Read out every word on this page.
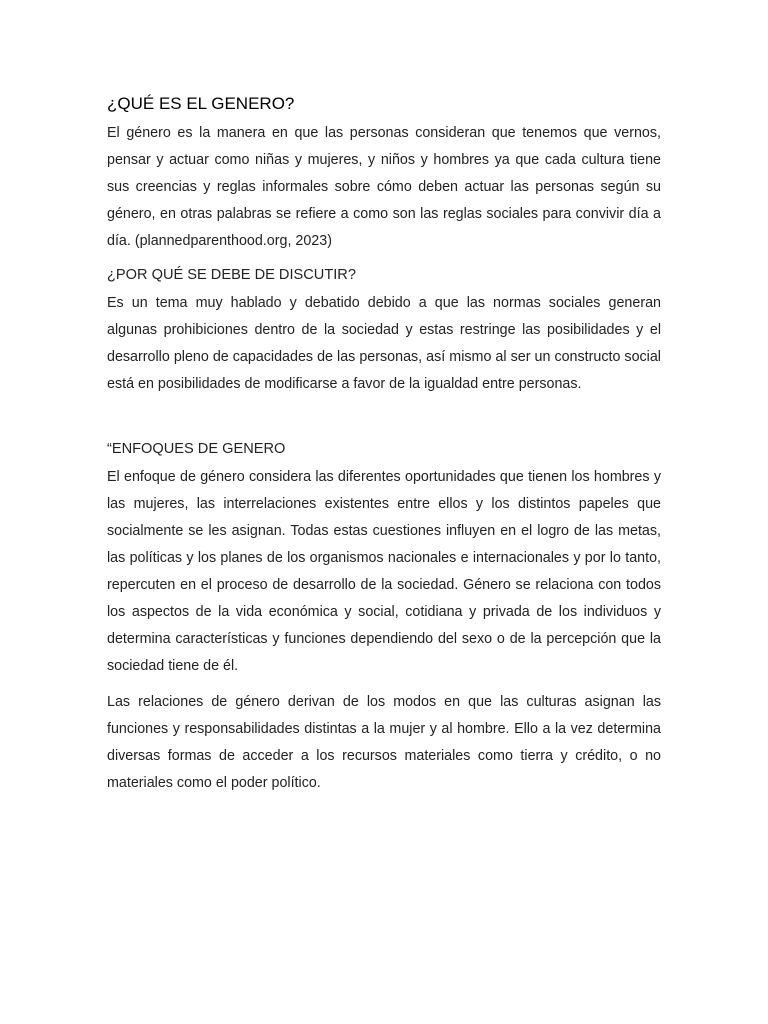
¿QUÉ ES EL GENERO?

El género es la manera en que las personas consideran que tenemos que vernos, pensar y actuar como niñas y mujeres, y niños y hombres ya que cada cultura tiene sus creencias y reglas informales sobre cómo deben actuar las personas según su género, en otras palabras se refiere a como son las reglas sociales para convivir día a día. (plannedparenthood.org, 2023)

¿POR QUÉ SE DEBE DE DISCUTIR?

Es un tema muy hablado y debatido debido a que las normas sociales generan algunas prohibiciones dentro de la sociedad y estas restringe las posibilidades y el desarrollo pleno de capacidades de las personas, así mismo al ser un constructo social está en posibilidades de modificarse a favor de la igualdad entre personas.

“ENFOQUES DE GENERO

El enfoque de género considera las diferentes oportunidades que tienen los hombres y las mujeres, las interrelaciones existentes entre ellos y los distintos papeles que socialmente se les asignan. Todas estas cuestiones influyen en el logro de las metas, las políticas y los planes de los organismos nacionales e internacionales y por lo tanto, repercuten en el proceso de desarrollo de la sociedad. Género se relaciona con todos los aspectos de la vida económica y social, cotidiana y privada de los individuos y determina características y funciones dependiendo del sexo o de la percepción que la sociedad tiene de él.

Las relaciones de género derivan de los modos en que las culturas asignan las funciones y responsabilidades distintas a la mujer y al hombre. Ello a la vez determina diversas formas de acceder a los recursos materiales como tierra y crédito, o no materiales como el poder político.
